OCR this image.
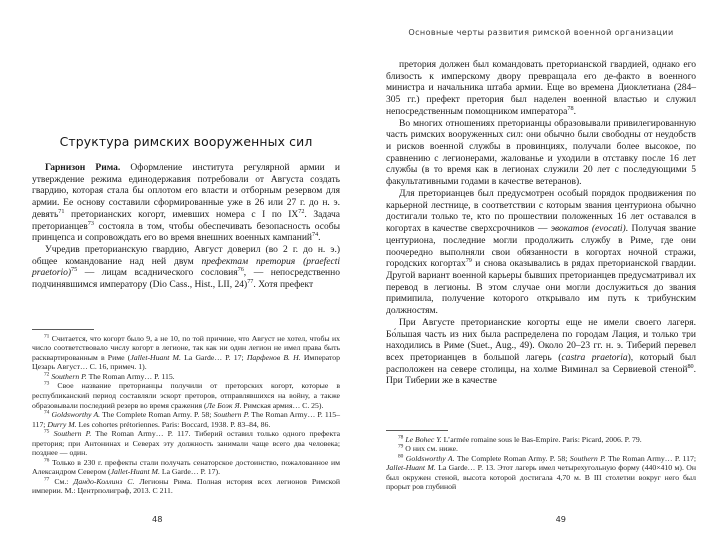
Структура римских вооруженных сил

Гарнизон Рима. Оформление института регулярной армии и утверждение режима единодержавия потребовали от Августа создать гвардию, которая стала бы оплотом его власти и отборным резервом для армии. Ее основу составили сформированные уже в 26 или 27 г. до н. э. девять$^{71}$ преторианских когорт, имевших номера с I по IX$^{72}$. Задача преторианцев$^{73}$ состояла в том, чтобы обеспечивать безопасность особы принцепса и сопровождать его во время внешних военных кампаний$^{74}$.

Учредив преторианскую гвардию, Август доверил (во 2 г. до н. э.) общее командование над ней двум префектам претория (praefecti praetorio)$^{75}$ — лицам всаднического сословия$^{76}$, — непосредственно подчинявшимся императору (Dio Cass., Hist., LII, 24)$^{77}$. Хотя префект

$^{71}$ Считается, что когорт было 9, а не 10, по той причине, что Август не хотел, чтобы их число соответствовало числу когорт в легионе, так как ни один легион не имел права быть расквартированным в Риме (Jallet-Huant M. La Garde… P. 17; Парфенов В. Н. Император Цезарь Август… С. 16, примеч. 1).

$^{72}$ Southern P. The Roman Army… P. 115.

$^{73}$ Свое название преторианцы получили от преторских когорт, которые в республиканский период составляли эскорт преторов, отправлявшихся на войну, а также образовывали последний резерв во время сражения (Ле Боэк Я. Римская армия… С. 25).

$^{74}$ Goldsworthy A. The Complete Roman Army. P. 58; Southern P. The Roman Army… P. 115–117; Durry M. Les cohortes prétoriennes. Paris: Boccard, 1938. P. 83–84, 86.

$^{75}$ Southern P. The Roman Army… P. 117. Тиберий оставил только одного префекта претория; при Антонинах и Северах эту должность занимали чаще всего два человека; позднее — один.

$^{76}$ Только в 230 г. префекты стали получать сенаторское достоинство, пожалованное им Александром Севером (Jallet-Huant M. La Garde… P. 17).

$^{77}$ См.: Дандо-Коллинз С. Легионы Рима. Полная история всех легионов Римской империи. М.: Центрполиграф, 2013. С 211.

48
Основные черты развития римской военной организации

претория должен был командовать преторианской гвардией, однако его близость к имперскому двору превращала его де-факто в военного министра и начальника штаба армии. Еще во времена Диоклетиана (284–305 гг.) префект претория был наделен военной властью и служил непосредственным помощником императора$^{78}$.

Во многих отношениях преторианцы образовывали привилегированную часть римских вооруженных сил: они обычно были свободны от неудобств и рисков военной службы в провинциях, получали более высокое, по сравнению с легионерами, жалованье и уходили в отставку после 16 лет службы (в то время как в легионах служили 20 лет с последующими 5 факультативными годами в качестве ветеранов).

Для преторианцев был предусмотрен особый порядок продвижения по карьерной лестнице, в соответствии с которым звания центуриона обычно достигали только те, кто по прошествии положенных 16 лет оставался в когортах в качестве сверхсрочников — эвокатов (evocati). Получая звание центуриона, последние могли продолжить службу в Риме, где они поочередно выполняли свои обязанности в когортах ночной стражи, городских когортах$^{79}$ и снова оказывались в рядах преторианской гвардии. Другой вариант военной карьеры бывших преторианцев предусматривал их перевод в легионы. В этом случае они могли дослужиться до звания примипила, получение которого открывало им путь к трибунским должностям.

При Августе преторианские когорты еще не имели своего лагеря. Бо́льшая часть из них была распределена по городам Лация, и только три находились в Риме (Suet., Aug., 49). Около 20–23 гг. н. э. Тиберий перевел всех преторианцев в большой лагерь (castra praetoria), который был расположен на севере столицы, на холме Виминал за Сервиевой стеной$^{80}$. При Тиберии же в качестве

$^{78}$ Le Bohec Y. L’armée romaine sous le Bas-Empire. Paris: Picard, 2006. P. 79.

$^{79}$ О них см. ниже.

$^{80}$ Goldsworthy A. The Complete Roman Army. P. 58; Southern P. The Roman Army… P. 117; Jallet-Huant M. La Garde… P. 13. Этот лагерь имел четырехугольную форму (440×410 м). Он был окружен стеной, высота которой достигала 4,70 м. В III столетии вокруг него был прорыт ров глубиной

49
